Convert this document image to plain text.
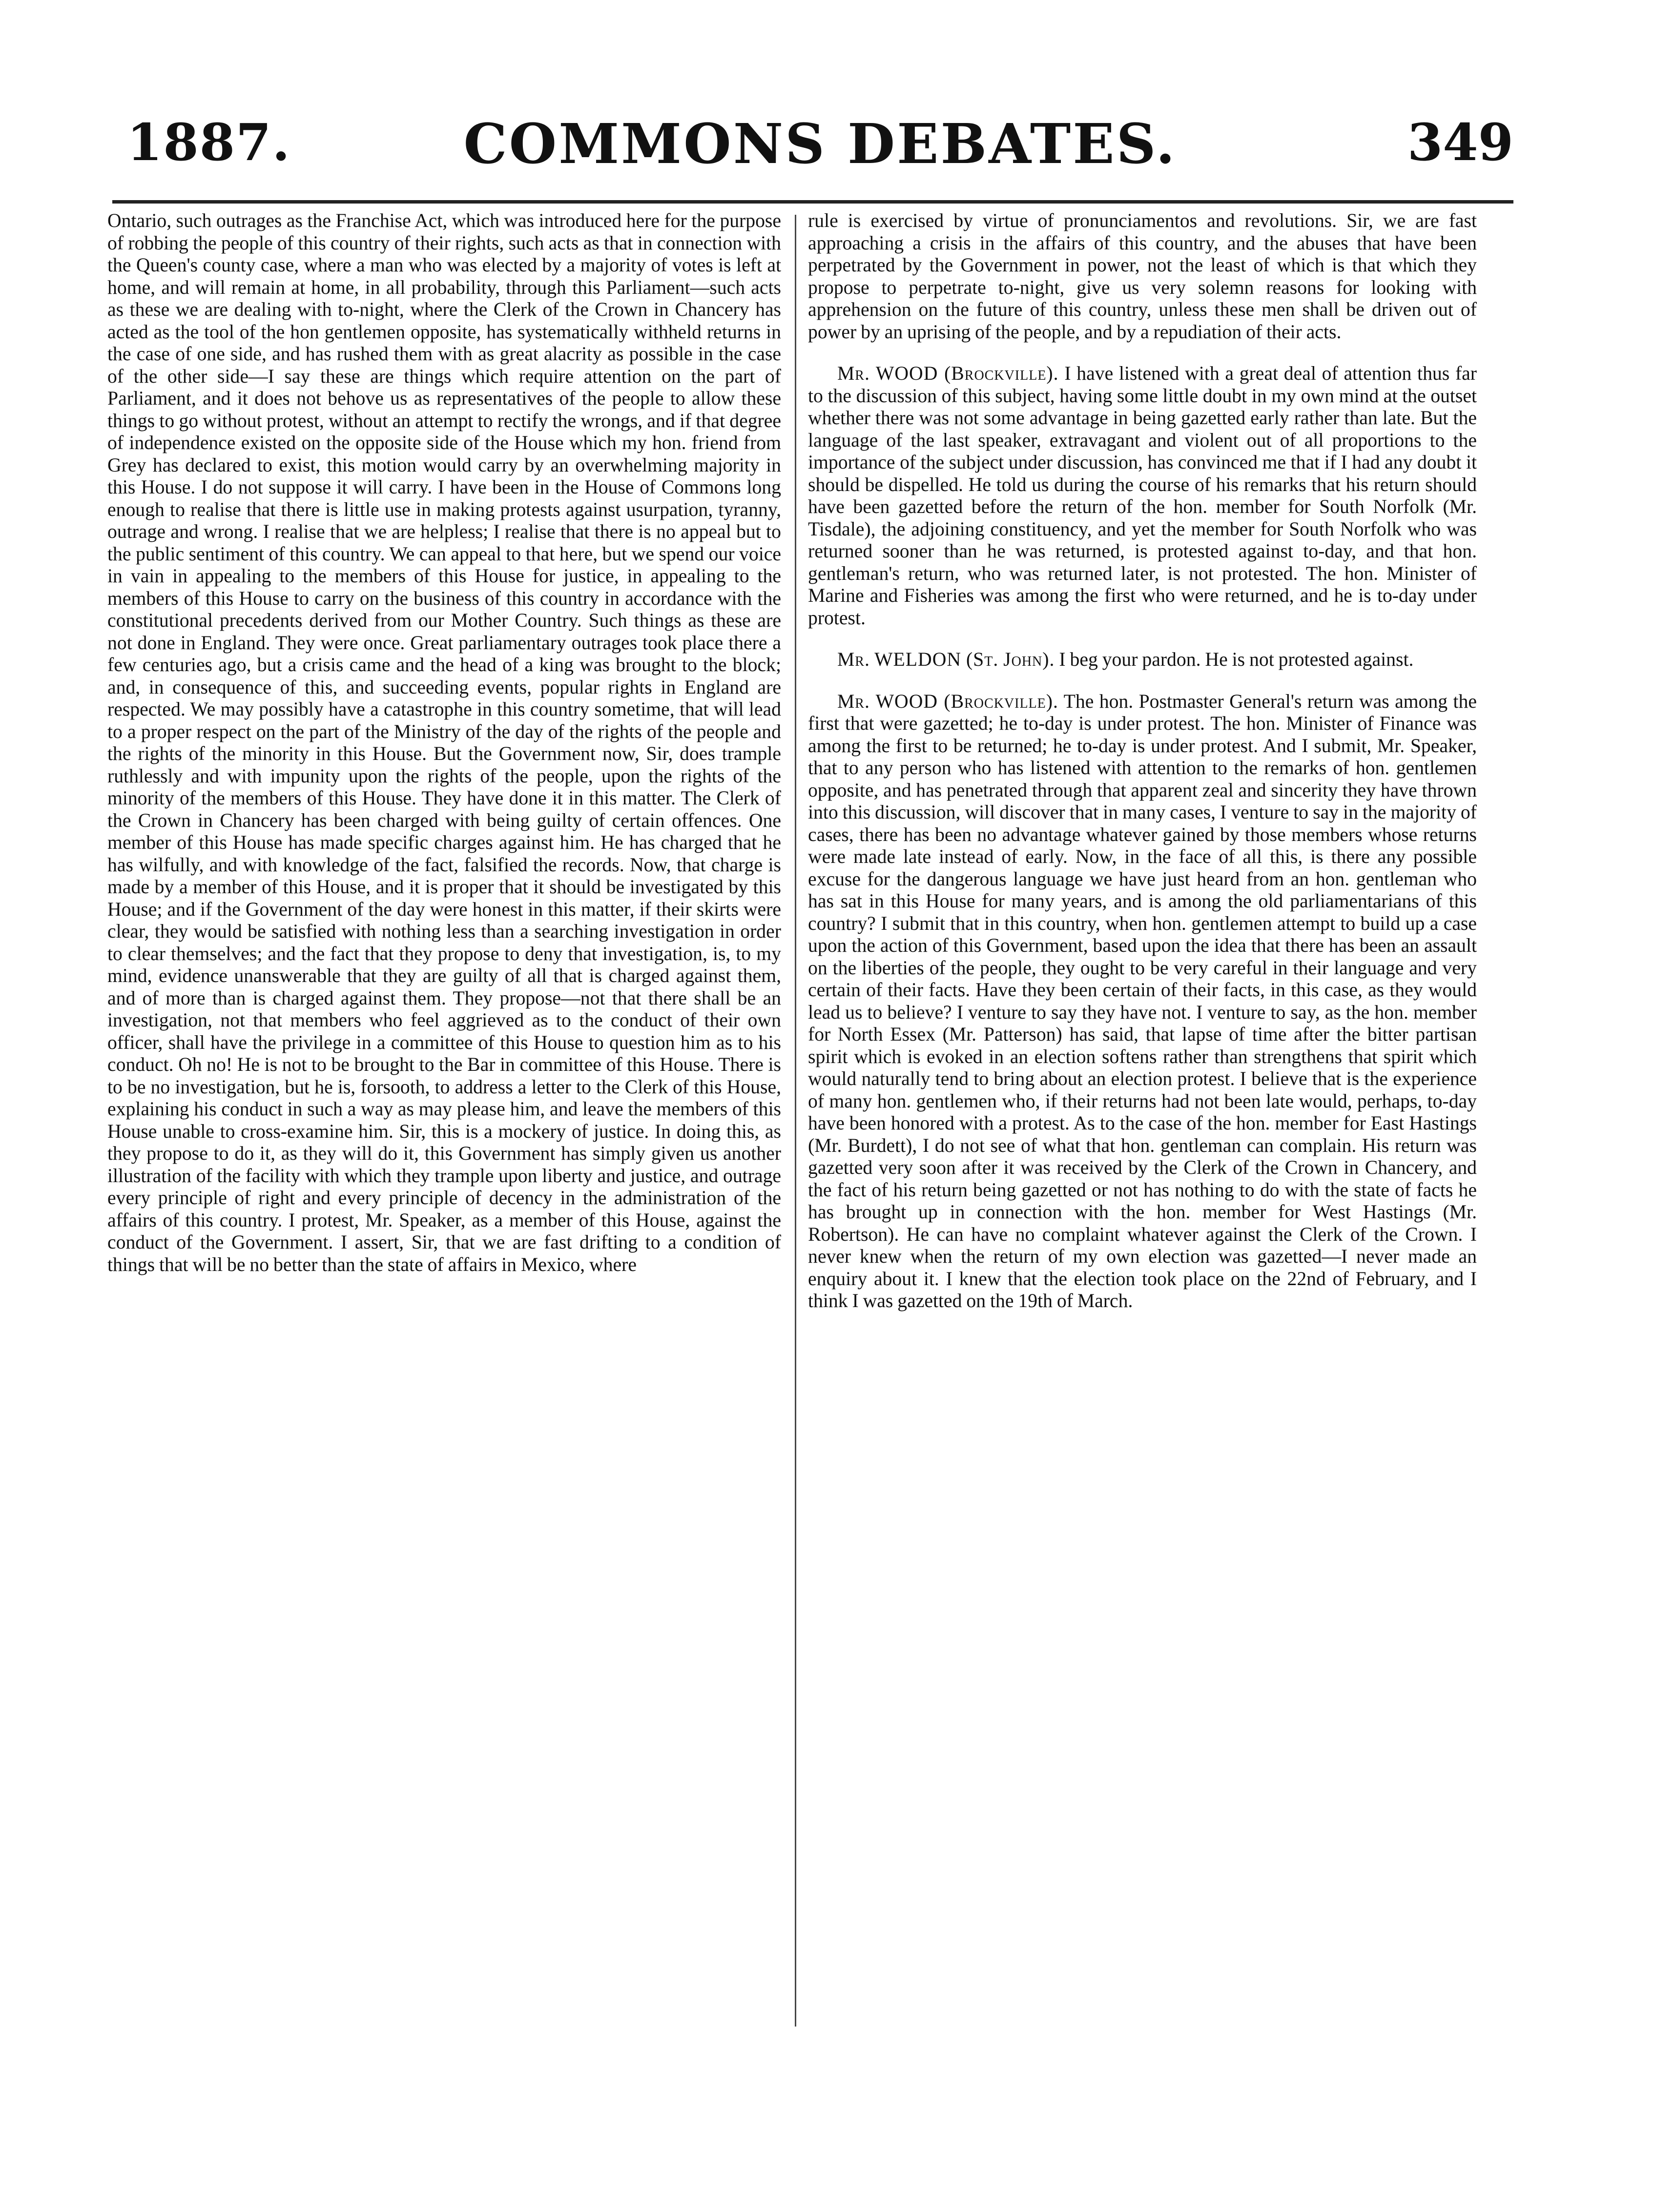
1887.	COMMONS DEBATES.	349

Ontario, such outrages as the Franchise Act, which was introduced here for the purpose of robbing the people of this country of their rights, such acts as that in connection with the Queen's county case, where a man who was elected by a majority of votes is left at home, and will remain at home, in all probability, through this Parliament—such acts as these we are dealing with to-night, where the Clerk of the Crown in Chancery has acted as the tool of the hon gentlemen opposite, has systematically withheld returns in the case of one side, and has rushed them with as great alacrity as possible in the case of the other side—I say these are things which require attention on the part of Parliament, and it does not behove us as representatives of the people to allow these things to go without protest, without an attempt to rectify the wrongs, and if that degree of independence existed on the opposite side of the House which my hon. friend from Grey has declared to exist, this motion would carry by an overwhelming majority in this House. I do not suppose it will carry. I have been in the House of Commons long enough to realise that there is little use in making protests against usurpation, tyranny, outrage and wrong. I realise that we are helpless; I realise that there is no appeal but to the public sentiment of this country. We can appeal to that here, but we spend our voice in vain in appealing to the members of this House for justice, in appealing to the members of this House to carry on the business of this country in accordance with the constitutional precedents derived from our Mother Country. Such things as these are not done in England. They were once. Great parliamentary outrages took place there a few centuries ago, but a crisis came and the head of a king was brought to the block; and, in consequence of this, and succeeding events, popular rights in England are respected. We may possibly have a catastrophe in this country sometime, that will lead to a proper respect on the part of the Ministry of the day of the rights of the people and the rights of the minority in this House. But the Government now, Sir, does trample ruthlessly and with impunity upon the rights of the people, upon the rights of the minority of the members of this House. They have done it in this matter. The Clerk of the Crown in Chancery has been charged with being guilty of certain offences. One member of this House has made specific charges against him. He has charged that he has wilfully, and with knowledge of the fact, falsified the records. Now, that charge is made by a member of this House, and it is proper that it should be investigated by this House; and if the Government of the day were honest in this matter, if their skirts were clear, they would be satisfied with nothing less than a searching investigation in order to clear themselves; and the fact that they propose to deny that investigation, is, to my mind, evidence unanswerable that they are guilty of all that is charged against them, and of more than is charged against them. They propose—not that there shall be an investigation, not that members who feel aggrieved as to the conduct of their own officer, shall have the privilege in a committee of this House to question him as to his conduct. Oh no! He is not to be brought to the Bar in committee of this House. There is to be no investigation, but he is, forsooth, to address a letter to the Clerk of this House, explaining his conduct in such a way as may please him, and leave the members of this House unable to cross-examine him. Sir, this is a mockery of justice. In doing this, as they propose to do it, as they will do it, this Government has simply given us another illustration of the facility with which they trample upon liberty and justice, and outrage every principle of right and every principle of decency in the administration of the affairs of this country. I protest, Mr. Speaker, as a member of this House, against the conduct of the Government. I assert, Sir, that we are fast drifting to a condition of things that will be no better than the state of affairs in Mexico, where

rule is exercised by virtue of pronunciamentos and revolutions. Sir, we are fast approaching a crisis in the affairs of this country, and the abuses that have been perpetrated by the Government in power, not the least of which is that which they propose to perpetrate to-night, give us very solemn reasons for looking with apprehension on the future of this country, unless these men shall be driven out of power by an uprising of the people, and by a repudiation of their acts.

Mr. WOOD (Brockville). I have listened with a great deal of attention thus far to the discussion of this subject, having some little doubt in my own mind at the outset whether there was not some advantage in being gazetted early rather than late. But the language of the last speaker, extravagant and violent out of all proportions to the importance of the subject under discussion, has convinced me that if I had any doubt it should be dispelled. He told us during the course of his remarks that his return should have been gazetted before the return of the hon. member for South Norfolk (Mr. Tisdale), the adjoining constituency, and yet the member for South Norfolk who was returned sooner than he was returned, is protested against to-day, and that hon. gentleman's return, who was returned later, is not protested. The hon. Minister of Marine and Fisheries was among the first who were returned, and he is to-day under protest.

Mr. WELDON (St. John). I beg your pardon. He is not protested against.

Mr. WOOD (Brockville). The hon. Postmaster General's return was among the first that were gazetted; he to-day is under protest. The hon. Minister of Finance was among the first to be returned; he to-day is under protest. And I submit, Mr. Speaker, that to any person who has listened with attention to the remarks of hon. gentlemen opposite, and has penetrated through that apparent zeal and sincerity they have thrown into this discussion, will discover that in many cases, I venture to say in the majority of cases, there has been no advantage whatever gained by those members whose returns were made late instead of early. Now, in the face of all this, is there any possible excuse for the dangerous language we have just heard from an hon. gentleman who has sat in this House for many years, and is among the old parliamentarians of this country? I submit that in this country, when hon. gentlemen attempt to build up a case upon the action of this Government, based upon the idea that there has been an assault on the liberties of the people, they ought to be very careful in their language and very certain of their facts. Have they been certain of their facts, in this case, as they would lead us to believe? I venture to say they have not. I venture to say, as the hon. member for North Essex (Mr. Patterson) has said, that lapse of time after the bitter partisan spirit which is evoked in an election softens rather than strengthens that spirit which would naturally tend to bring about an election protest. I believe that is the experience of many hon. gentlemen who, if their returns had not been late would, perhaps, to-day have been honored with a protest. As to the case of the hon. member for East Hastings (Mr. Burdett), I do not see of what that hon. gentleman can complain. His return was gazetted very soon after it was received by the Clerk of the Crown in Chancery, and the fact of his return being gazetted or not has nothing to do with the state of facts he has brought up in connection with the hon. member for West Hastings (Mr. Robertson). He can have no complaint whatever against the Clerk of the Crown. I never knew when the return of my own election was gazetted—I never made an enquiry about it. I knew that the election took place on the 22nd of February, and I think I was gazetted on the 19th of March.
